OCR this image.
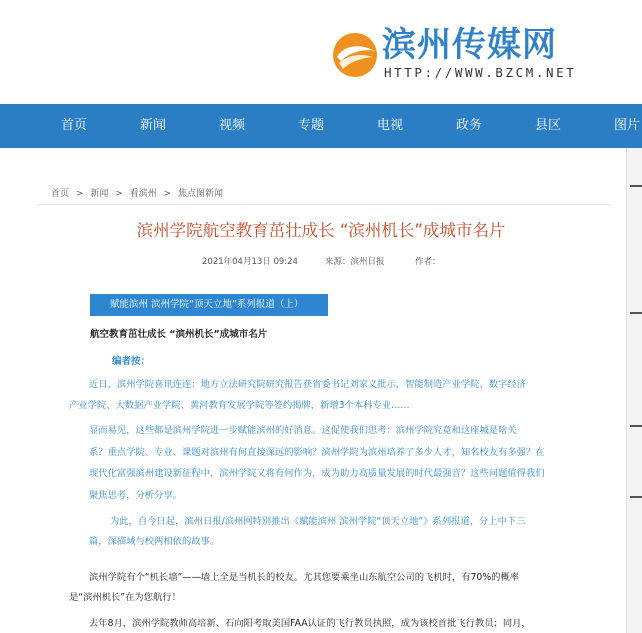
滨州传媒网
HTTP://WWW.BZCM.NET
首页	新闻	视频	专题	电视	政务	县区	图片
首页 > 新闻 > 看滨州 > 焦点图新闻
滨州学院航空教育茁壮成长 “滨州机长”成城市名片
2021年04月13日 09:24	来源：滨州日报	作者：
赋能滨州 滨州学院“顶天立地”系列报道（上）
航空教育茁壮成长 “滨州机长”成城市名片
编者按：
近日，滨州学院喜讯连连：地方立法研究院研究报告获省委书记刘家义批示，智能制造产业学院、数字经济
产业学院、大数据产业学院、黄河教育发展学院等签约揭牌，新增3个本科专业……
显而易见，这些都是滨州学院进一步赋能滨州的好消息。这促使我们思考：滨州学院究竟和这座城是啥关
系？重点学院、专业、课题对滨州有何直接深远的影响？滨州学院为滨州培养了多少人才，知名校友有多强？在
现代化富强滨州建设新征程中，滨州学院又将有何作为，成为助力高质量发展的时代最强音？这些问题值得我们
聚焦思考，分析分享。
为此，自今日起，滨州日报/滨州网特别推出《赋能滨州 滨州学院“顶天立地”》系列报道，分上中下三
篇，深描域与校两相依的故事。
滨州学院有个“机长墙”——墙上全是当机长的校友。尤其您要乘坐山东航空公司的飞机时，有70%的概率
是“滨州机长”在为您航行！
去年8月，滨州学院教师高培新、石向阳考取美国FAA认证的飞行教员执照，成为该校首批飞行教员；同月，
